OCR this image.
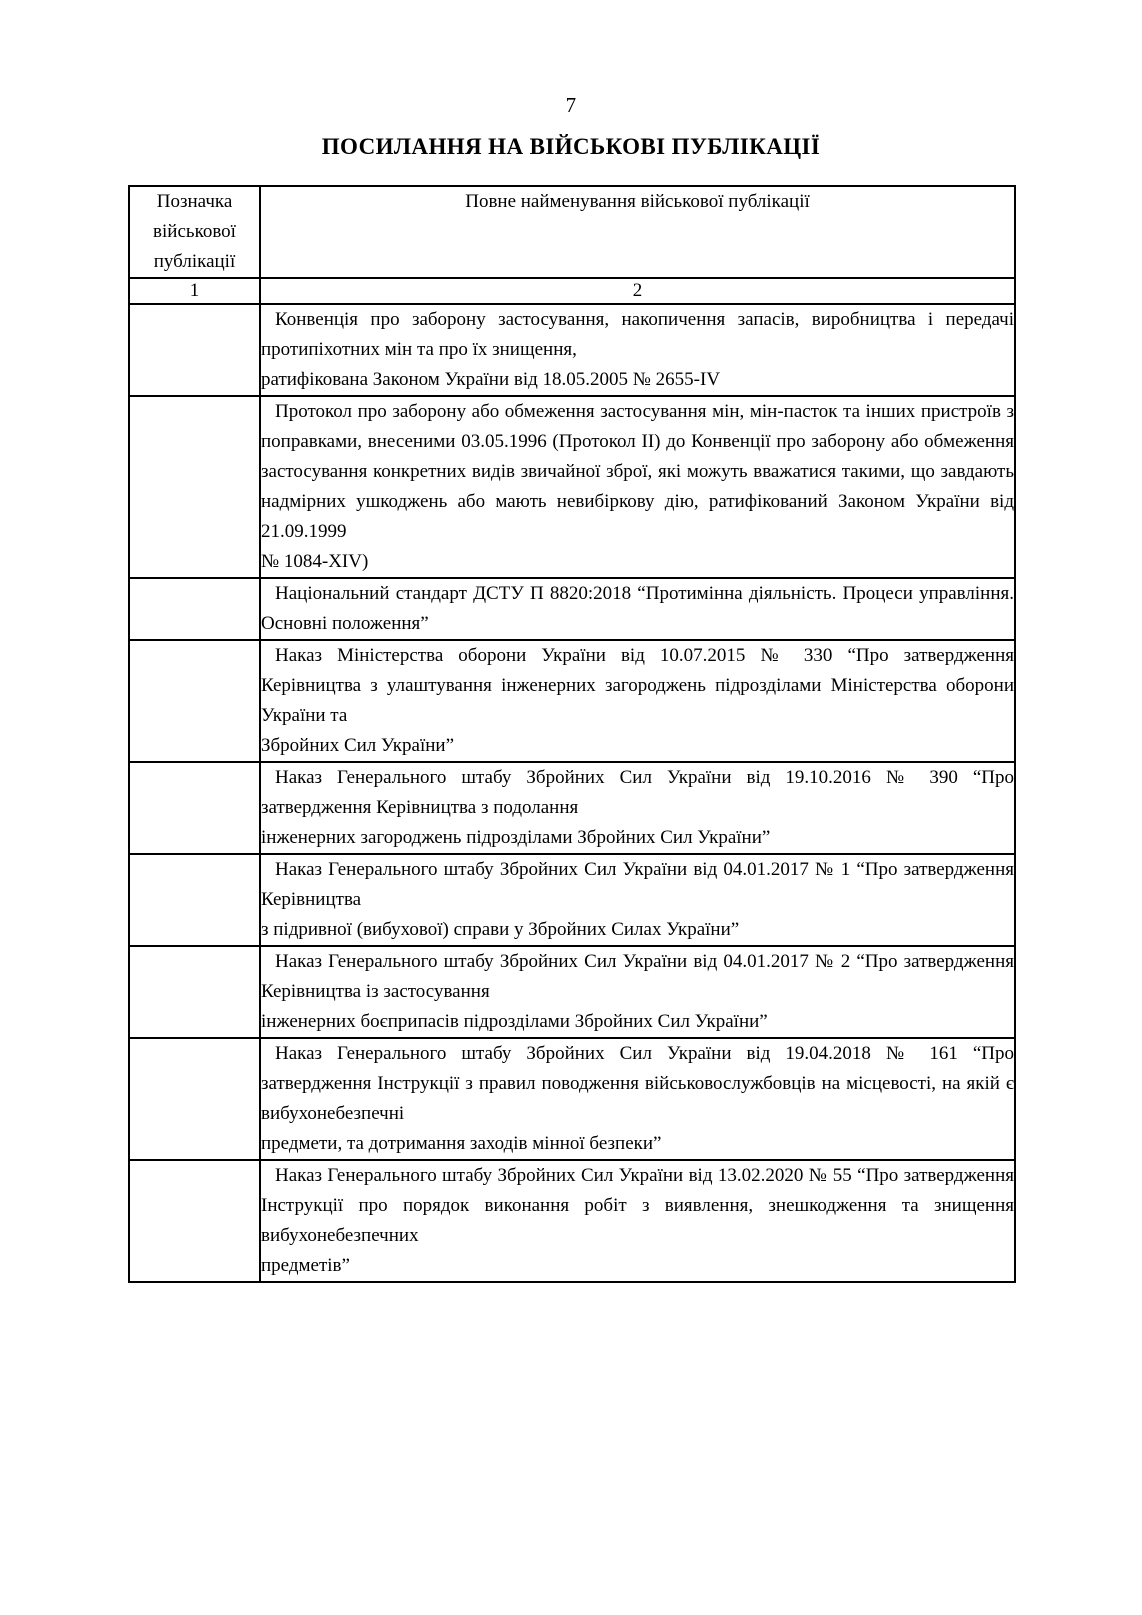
7
ПОСИЛАННЯ НА ВІЙСЬКОВІ ПУБЛІКАЦІЇ
Позначка військової публікації	Повне найменування військової публікації
1	2

	Конвенція про заборону застосування, накопичення запасів, виробництва і передачі протипіхотних мін та про їх знищення,

ратифікована Законом України від 18.05.2005 № 2655-IV

	Протокол про заборону або обмеження застосування мін, мін-пасток та інших пристроїв з поправками, внесеними 03.05.1996 (Протокол II) до Конвенції про заборону або обмеження застосування конкретних видів звичайної зброї, які можуть вважатися такими, що завдають надмірних ушкоджень або мають невибіркову дію, ратифікований Законом України від 21.09.1999

№ 1084-XIV)

	Національний стандарт ДСТУ П 8820:2018 “Протимінна діяльність. Процеси управління. Основні положення”

	Наказ Міністерства оборони України від 10.07.2015 № 330 “Про затвердження Керівництва з улаштування інженерних загороджень підрозділами Міністерства оборони України та

Збройних Сил України”

	Наказ Генерального штабу Збройних Сил України від 19.10.2016 № 390 “Про затвердження Керівництва з подолання

інженерних загороджень підрозділами Збройних Сил України”

	Наказ Генерального штабу Збройних Сил України від 04.01.2017 № 1 “Про затвердження Керівництва

з підривної (вибухової) справи у Збройних Силах України”

	Наказ Генерального штабу Збройних Сил України від 04.01.2017 № 2 “Про затвердження Керівництва із застосування

інженерних боєприпасів підрозділами Збройних Сил України”

	Наказ Генерального штабу Збройних Сил України від 19.04.2018 № 161 “Про затвердження Інструкції з правил поводження військовослужбовців на місцевості, на якій є вибухонебезпечні

предмети, та дотримання заходів мінної безпеки”

	Наказ Генерального штабу Збройних Сил України від 13.02.2020 № 55 “Про затвердження Інструкції про порядок виконання робіт з виявлення, знешкодження та знищення вибухонебезпечних

предметів”
